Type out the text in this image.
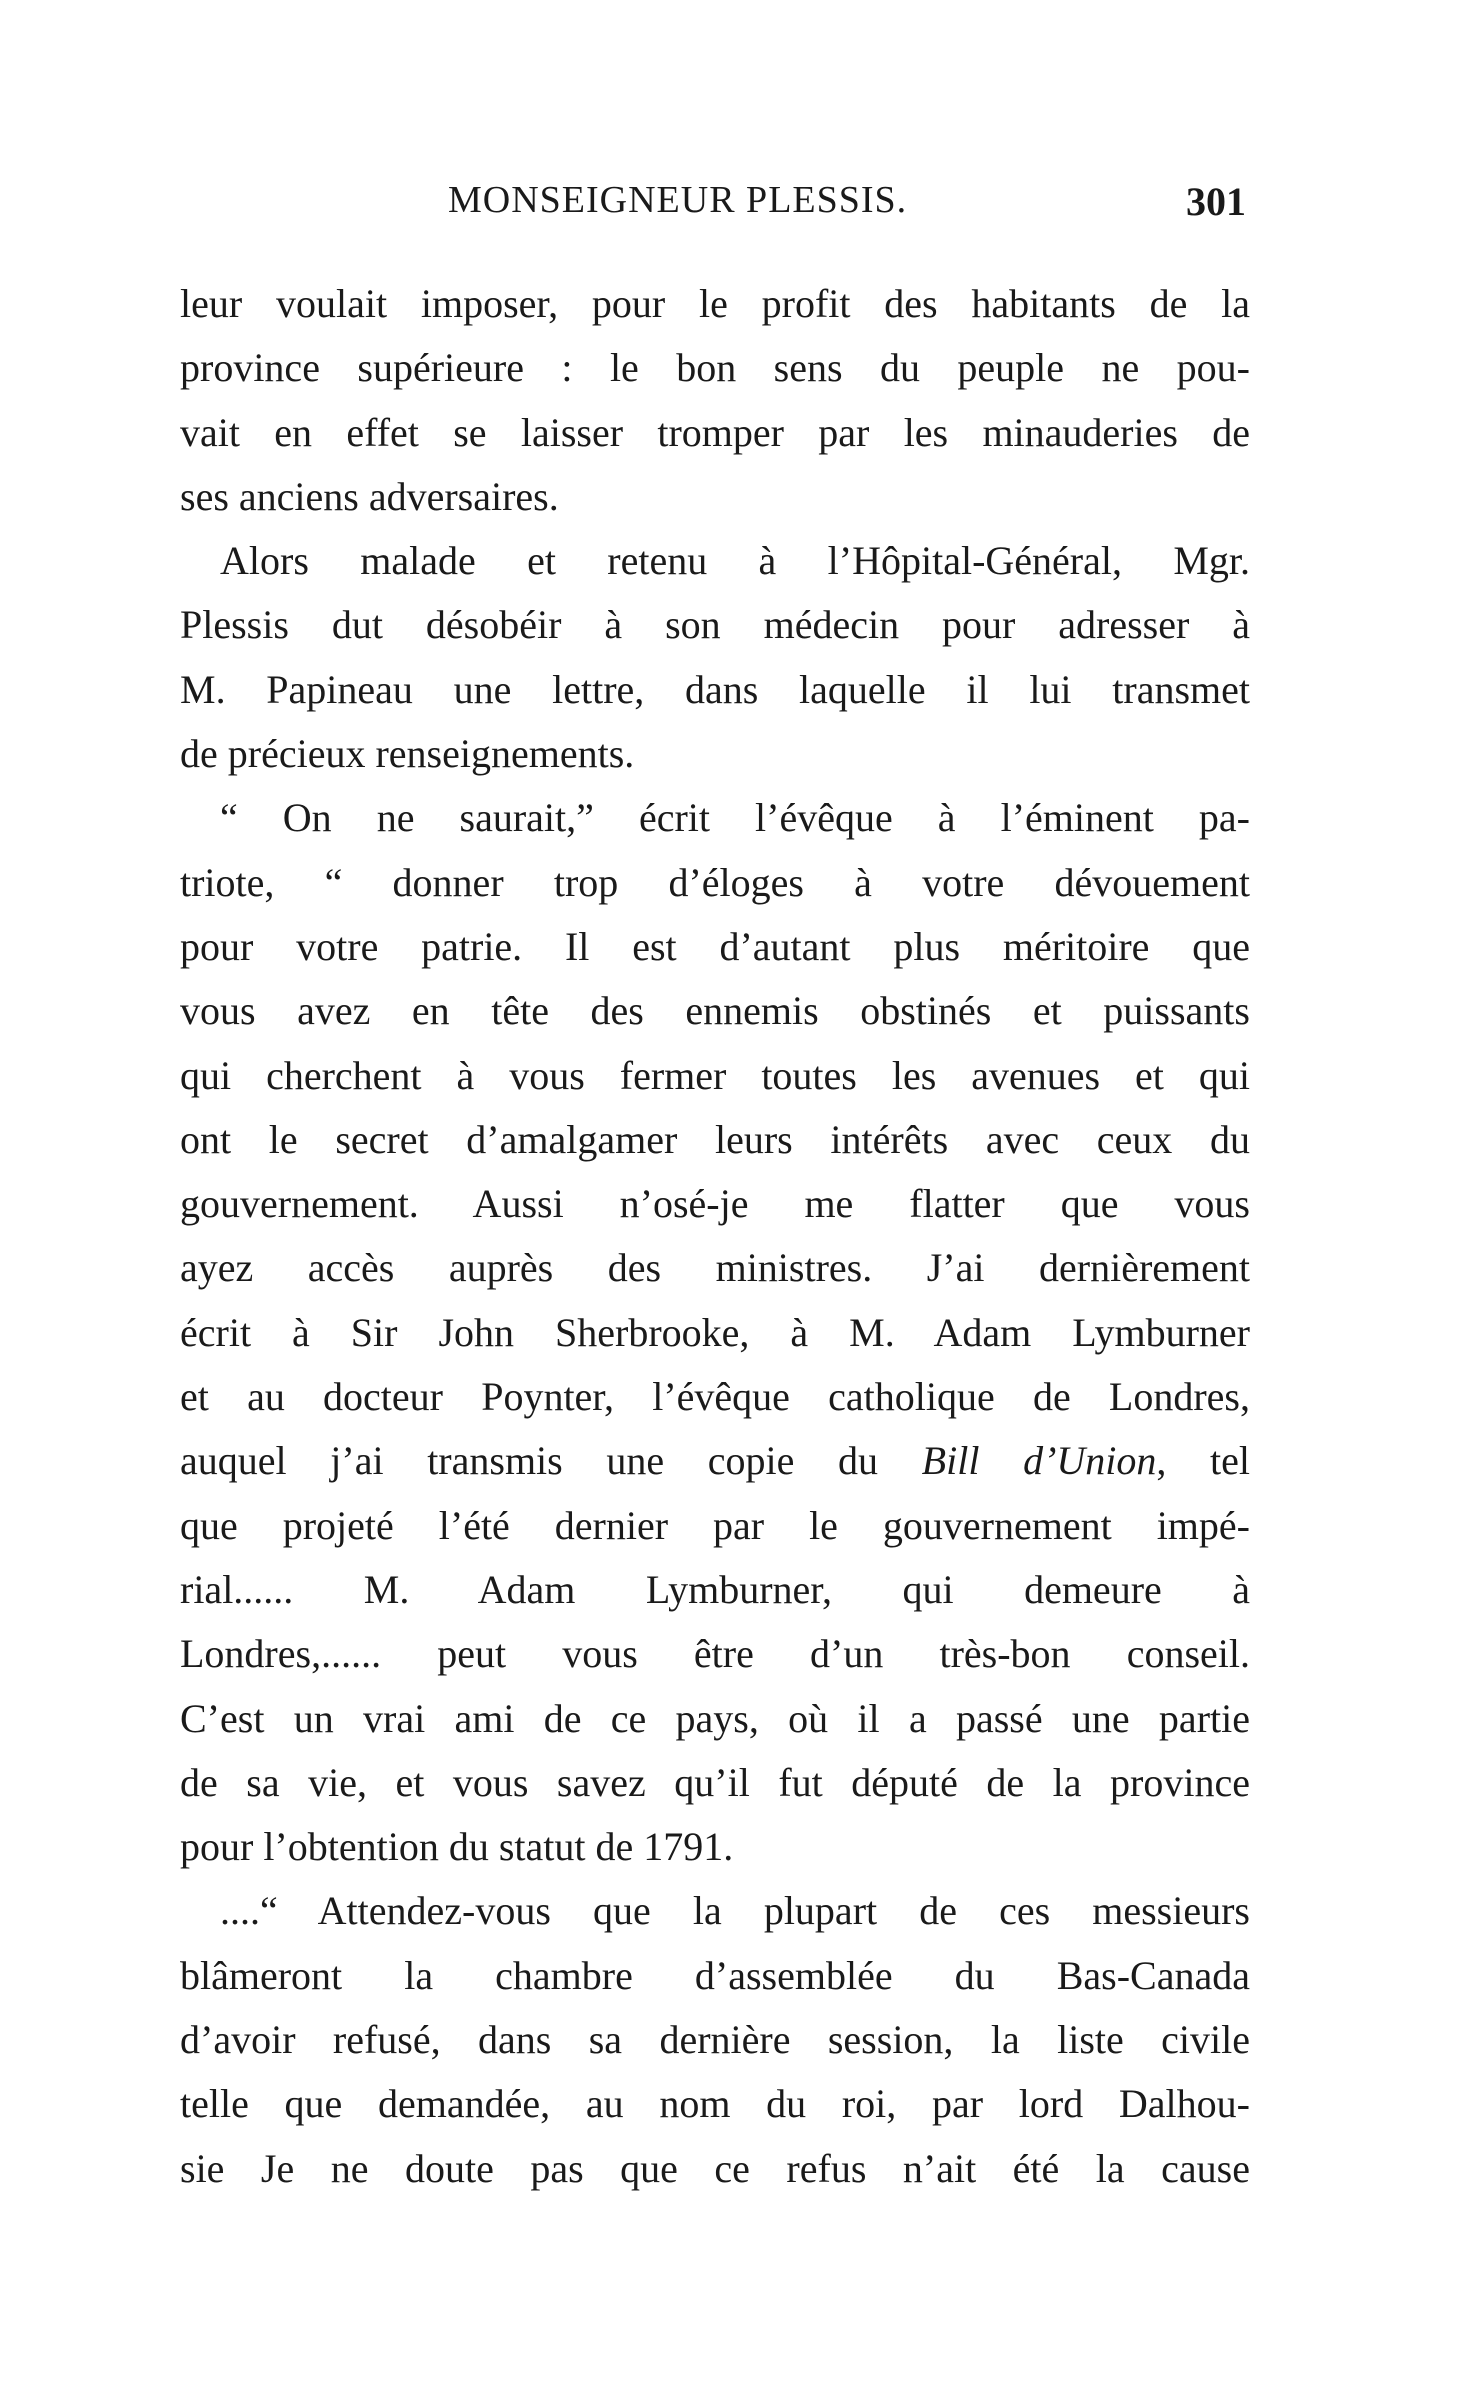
MONSEIGNEUR PLESSIS.	301
leur voulait imposer, pour le profit des habitants de la
province supérieure : le bon sens du peuple ne pou-
vait en effet se laisser tromper par les minauderies de
ses anciens adversaires.
Alors malade et retenu à l’Hôpital-Général, Mgr.
Plessis dut désobéir à son médecin pour adresser à
M. Papineau une lettre, dans laquelle il lui transmet
de précieux renseignements.
“ On ne saurait,” écrit l’évêque à l’éminent pa-
triote, “ donner trop d’éloges à votre dévouement
pour votre patrie. Il est d’autant plus méritoire que
vous avez en tête des ennemis obstinés et puissants
qui cherchent à vous fermer toutes les avenues et qui
ont le secret d’amalgamer leurs intérêts avec ceux du
gouvernement. Aussi n’osé-je me flatter que vous
ayez accès auprès des ministres. J’ai dernièrement
écrit à Sir John Sherbrooke, à M. Adam Lymburner
et au docteur Poynter, l’évêque catholique de Londres,
auquel j’ai transmis une copie du Bill d’Union, tel
que projeté l’été dernier par le gouvernement impé-
rial...... M. Adam Lymburner, qui demeure à
Londres,...... peut vous être d’un très-bon conseil.
C’est un vrai ami de ce pays, où il a passé une partie
de sa vie, et vous savez qu’il fut député de la province
pour l’obtention du statut de 1791.
....“ Attendez-vous que la plupart de ces messieurs
blâmeront la chambre d’assemblée du Bas-Canada
d’avoir refusé, dans sa dernière session, la liste civile
telle que demandée, au nom du roi, par lord Dalhou-
sie Je ne doute pas que ce refus n’ait été la cause
